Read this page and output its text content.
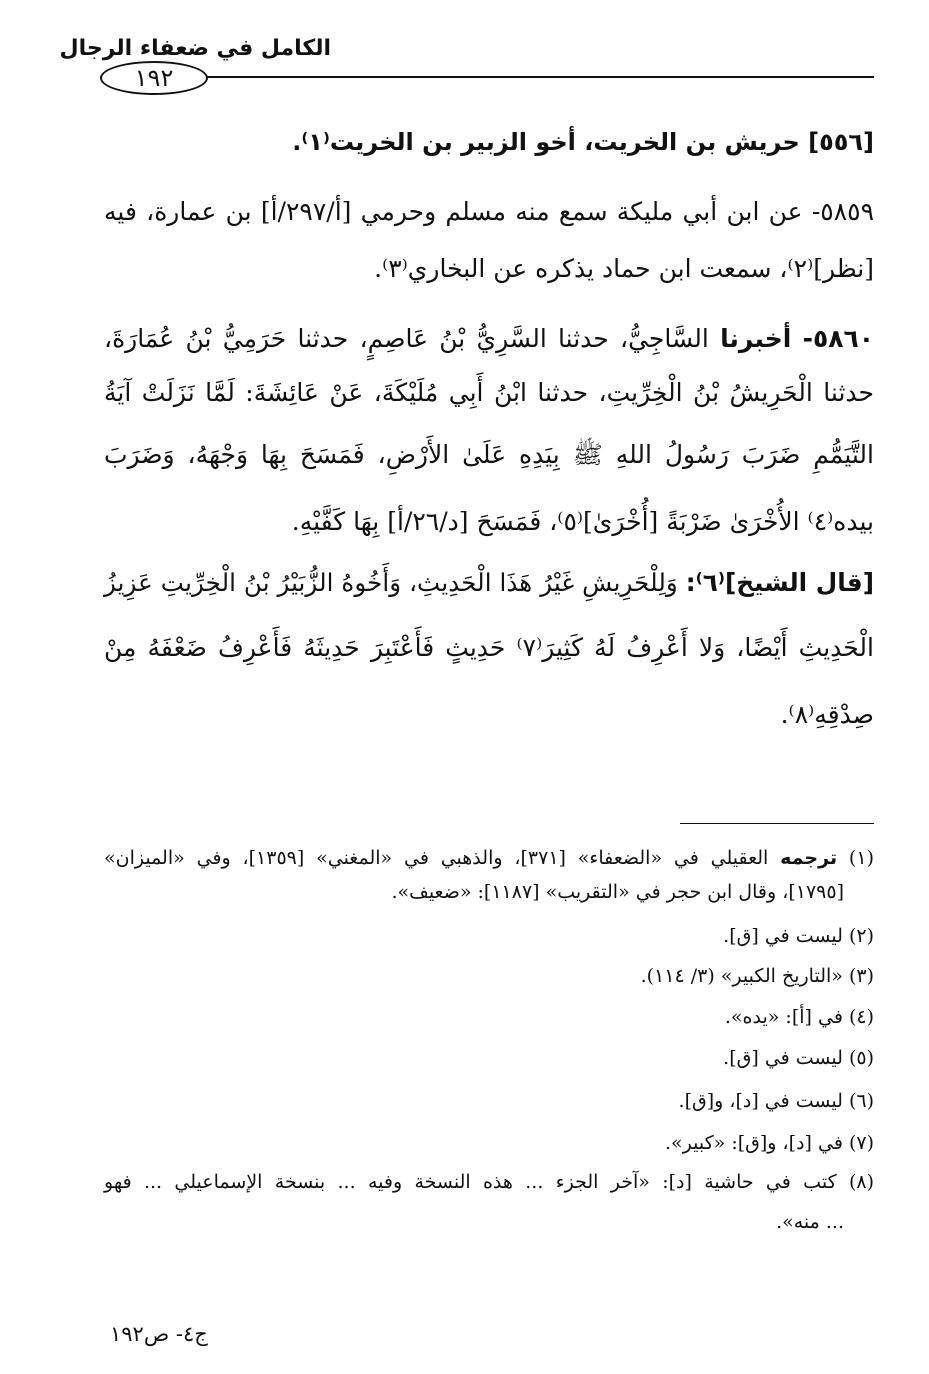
الكامل في ضعفاء الرجال
١٩٢
[٥٥٦] حريش بن الخريت، أخو الزبير بن الخريت⁽١⁾.
٥٨٥٩- عن ابن أبي مليكة سمع منه مسلم وحرمي [أ/٢٩٧/أ] بن عمارة، فيه
[نظر]⁽٢⁾، سمعت ابن حماد يذكره عن البخاري⁽٣⁾.
٥٨٦٠- أخبرنا السَّاجِيُّ، حدثنا السَّرِيُّ بْنُ عَاصِمٍ، حدثنا حَرَمِيُّ بْنُ عُمَارَةَ،
حدثنا الْحَرِيشُ بْنُ الْخِرِّيتِ، حدثنا ابْنُ أَبِي مُلَيْكَةَ، عَنْ عَائِشَةَ: لَمَّا نَزَلَتْ آيَةُ
التَّيَمُّمِ ضَرَبَ رَسُولُ اللهِ ﷺ بِيَدِهِ عَلَىٰ الأَرْضِ، فَمَسَحَ بِهَا وَجْهَهُ، وَضَرَبَ
بيده⁽٤⁾ الأُخْرَىٰ ضَرْبَةً [أُخْرَىٰ]⁽٥⁾، فَمَسَحَ [د/٢٦/أ] بِهَا كَفَّيْهِ.
[قال الشيخ]⁽٦⁾: وَلِلْحَرِيشِ غَيْرُ هَذَا الْحَدِيثِ، وَأَخُوهُ الزُّبَيْرُ بْنُ الْخِرِّيتِ عَزِيزُ
الْحَدِيثِ أَيْضًا، وَلا أَعْرِفُ لَهُ كَثِيرَ⁽٧⁾ حَدِيثٍ فَأَعْتَبِرَ حَدِيثَهُ فَأَعْرِفُ ضَعْفَهُ مِنْ
صِدْقِهِ⁽٨⁾.
(١) ترجمه العقيلي في «الضعفاء» [٣٧١]، والذهبي في «المغني» [١٣٥٩]، وفي «الميزان»
[١٧٩٥]، وقال ابن حجر في «التقريب» [١١٨٧]: «ضعيف».
(٢) ليست في [ق].
(٣) «التاريخ الكبير» (٣/ ١١٤).
(٤) في [أ]: «يده».
(٥) ليست في [ق].
(٦) ليست في [د]، و[ق].
(٧) في [د]، و[ق]: «كبير».
(٨) كتب في حاشية [د]: «آخر الجزء ... هذه النسخة وفيه ... بنسخة الإسماعيلي ... فهو
... منه».
ج٤- ص١٩٢
